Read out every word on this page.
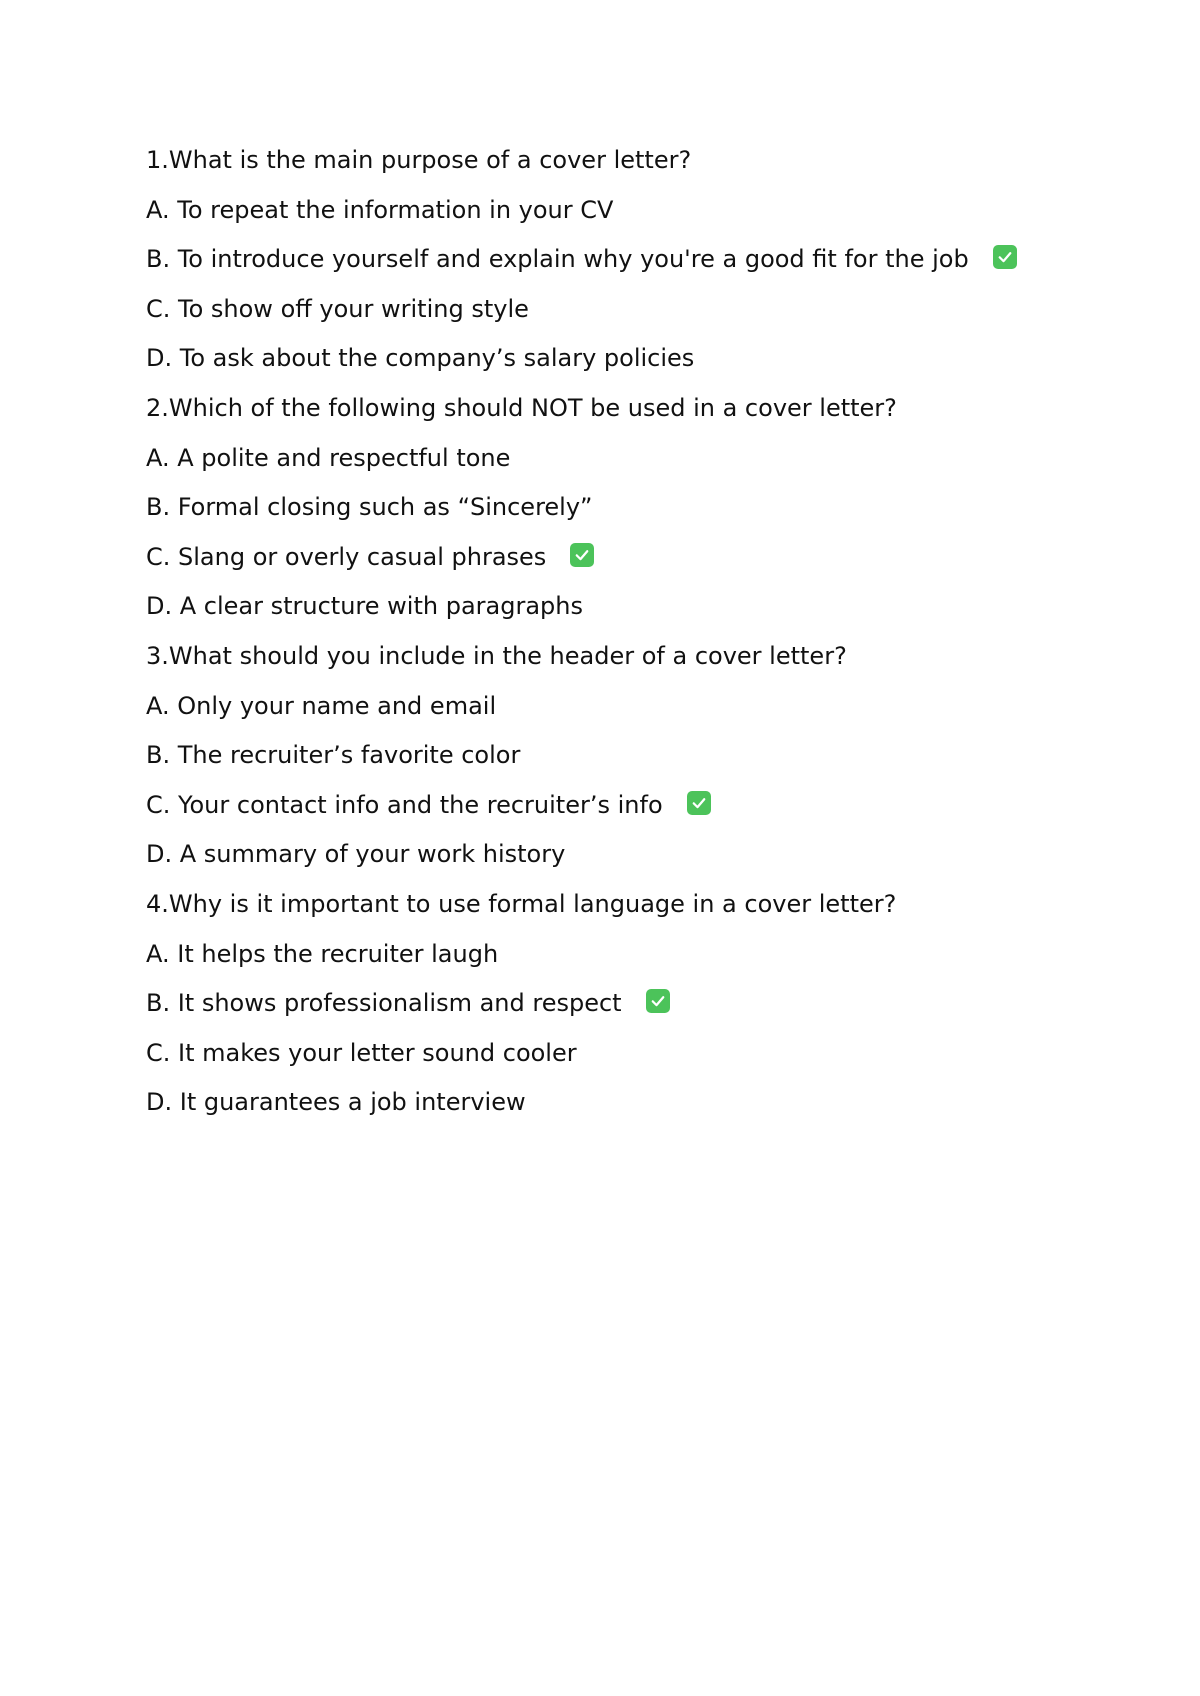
1.What is the main purpose of a cover letter?
A. To repeat the information in your CV
B. To introduce yourself and explain why you're a good fit for the job
C. To show off your writing style
D. To ask about the company’s salary policies
2.Which of the following should NOT be used in a cover letter?
A. A polite and respectful tone
B. Formal closing such as “Sincerely”
C. Slang or overly casual phrases
D. A clear structure with paragraphs
3.What should you include in the header of a cover letter?
A. Only your name and email
B. The recruiter’s favorite color
C. Your contact info and the recruiter’s info
D. A summary of your work history
4.Why is it important to use formal language in a cover letter?
A. It helps the recruiter laugh
B. It shows professionalism and respect
C. It makes your letter sound cooler
D. It guarantees a job interview
